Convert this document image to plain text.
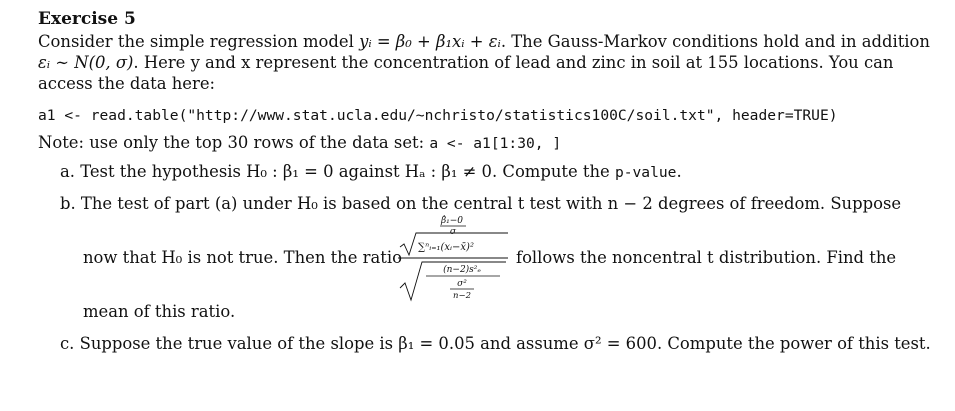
Exercise 5
Consider the simple regression model yᵢ = β₀ + β₁xᵢ + εᵢ. The Gauss-Markov conditions hold and in addition
εᵢ ∼ N(0, σ). Here y and x represent the concentration of lead and zinc in soil at 155 locations. You can
access the data here:
a1 <- read.table("http://www.stat.ucla.edu/~nchristo/statistics100C/soil.txt", header=TRUE)
Note: use only the top 30 rows of the data set: a <- a1[1:30, ]
a. Test the hypothesis H₀ : β₁ = 0 against Hₐ : β₁ ≠ 0. Compute the p-value.
b. The test of part (a) under H₀ is based on the central t test with n − 2 degrees of freedom. Suppose
now that H₀ is not true. Then the ratio
β̂₁−0
σ
∑ⁿᵢ₌₁(xᵢ−x̄)²
(n−2)s²ₑ
σ²
n−2
follows the noncentral t distribution. Find the
mean of this ratio.
c. Suppose the true value of the slope is β₁ = 0.05 and assume σ² = 600. Compute the power of this test.
